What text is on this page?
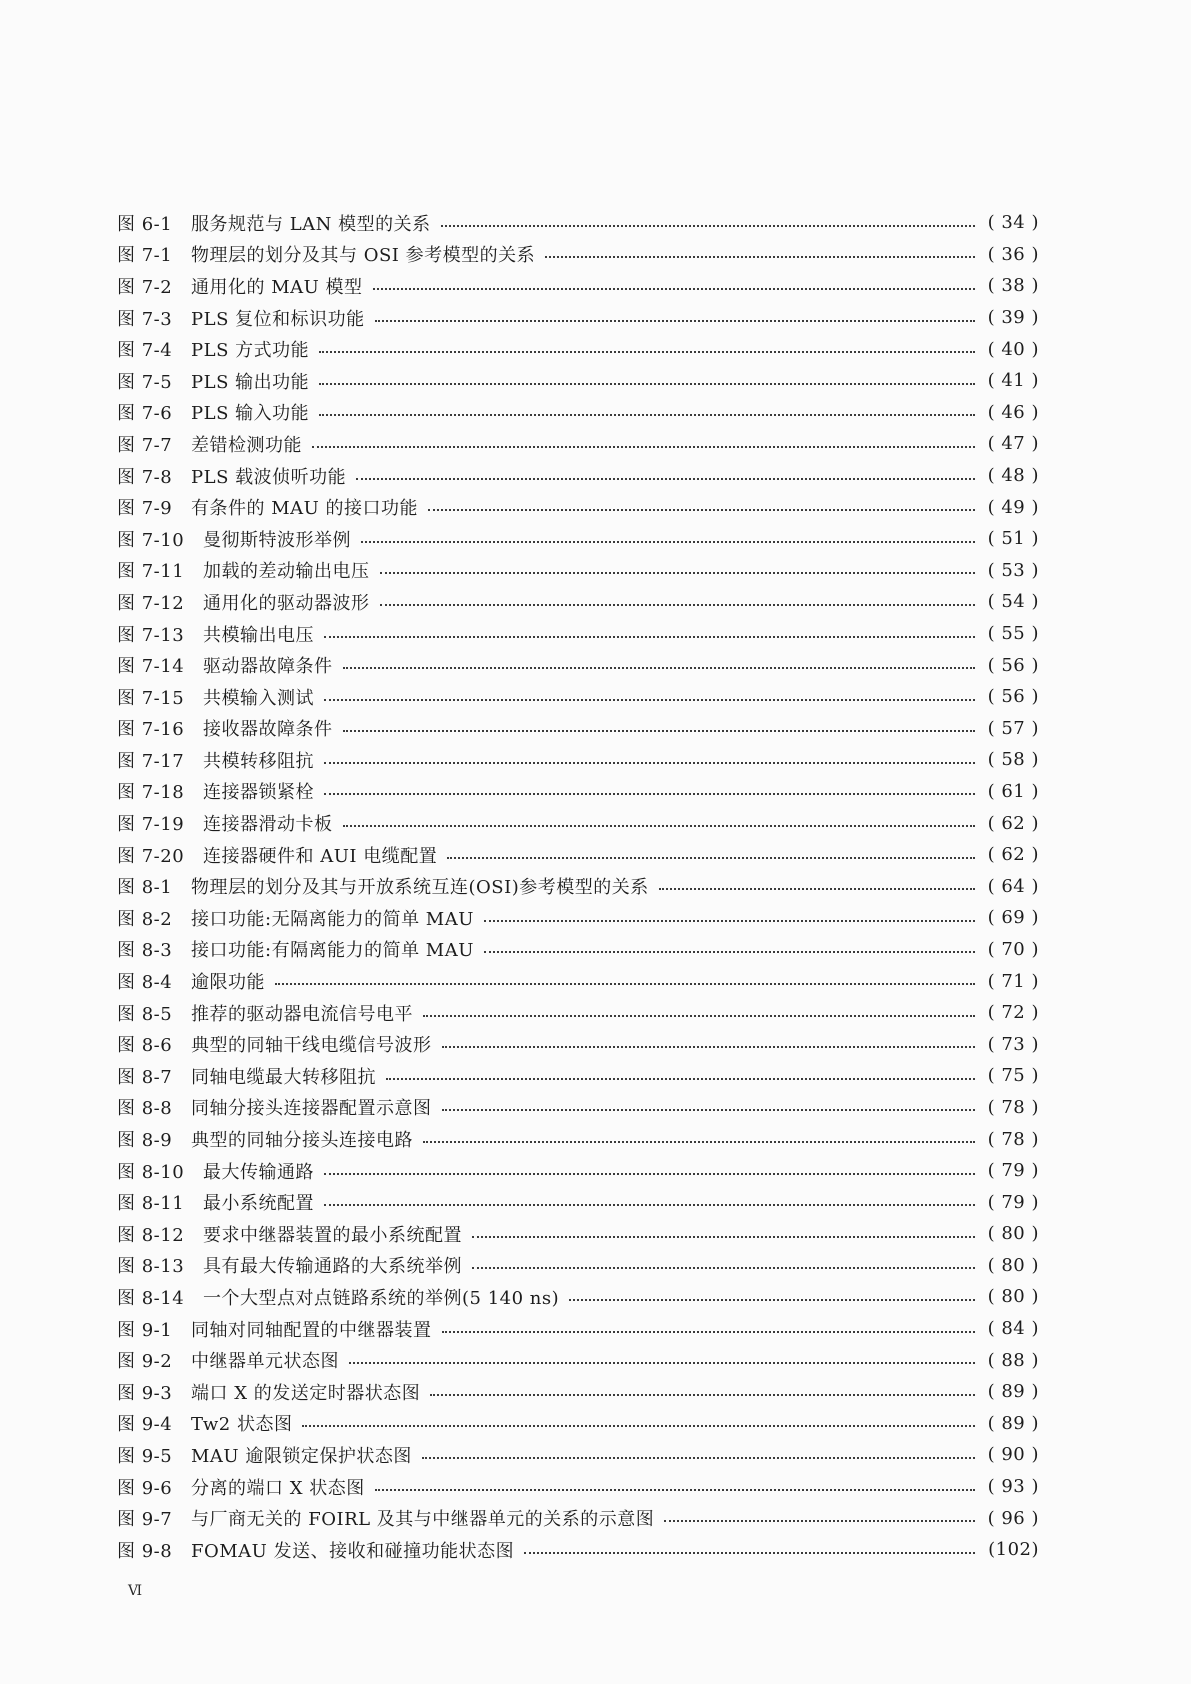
图 6-1	服务规范与 LAN 模型的关系	( 34 )
图 7-1	物理层的划分及其与 OSI 参考模型的关系	( 36 )
图 7-2	通用化的 MAU 模型	( 38 )
图 7-3	PLS 复位和标识功能	( 39 )
图 7-4	PLS 方式功能	( 40 )
图 7-5	PLS 输出功能	( 41 )
图 7-6	PLS 输入功能	( 46 )
图 7-7	差错检测功能	( 47 )
图 7-8	PLS 载波侦听功能	( 48 )
图 7-9	有条件的 MAU 的接口功能	( 49 )
图 7-10	曼彻斯特波形举例	( 51 )
图 7-11	加载的差动输出电压	( 53 )
图 7-12	通用化的驱动器波形	( 54 )
图 7-13	共模输出电压	( 55 )
图 7-14	驱动器故障条件	( 56 )
图 7-15	共模输入测试	( 56 )
图 7-16	接收器故障条件	( 57 )
图 7-17	共模转移阻抗	( 58 )
图 7-18	连接器锁紧栓	( 61 )
图 7-19	连接器滑动卡板	( 62 )
图 7-20	连接器硬件和 AUI 电缆配置	( 62 )
图 8-1	物理层的划分及其与开放系统互连(OSI)参考模型的关系	( 64 )
图 8-2	接口功能:无隔离能力的简单 MAU	( 69 )
图 8-3	接口功能:有隔离能力的简单 MAU	( 70 )
图 8-4	逾限功能	( 71 )
图 8-5	推荐的驱动器电流信号电平	( 72 )
图 8-6	典型的同轴干线电缆信号波形	( 73 )
图 8-7	同轴电缆最大转移阻抗	( 75 )
图 8-8	同轴分接头连接器配置示意图	( 78 )
图 8-9	典型的同轴分接头连接电路	( 78 )
图 8-10	最大传输通路	( 79 )
图 8-11	最小系统配置	( 79 )
图 8-12	要求中继器装置的最小系统配置	( 80 )
图 8-13	具有最大传输通路的大系统举例	( 80 )
图 8-14	一个大型点对点链路系统的举例(5 140 ns)	( 80 )
图 9-1	同轴对同轴配置的中继器装置	( 84 )
图 9-2	中继器单元状态图	( 88 )
图 9-3	端口 X 的发送定时器状态图	( 89 )
图 9-4	Tw2 状态图	( 89 )
图 9-5	MAU 逾限锁定保护状态图	( 90 )
图 9-6	分离的端口 X 状态图	( 93 )
图 9-7	与厂商无关的 FOIRL 及其与中继器单元的关系的示意图	( 96 )
图 9-8	FOMAU 发送、接收和碰撞功能状态图	(102)
Ⅵ
